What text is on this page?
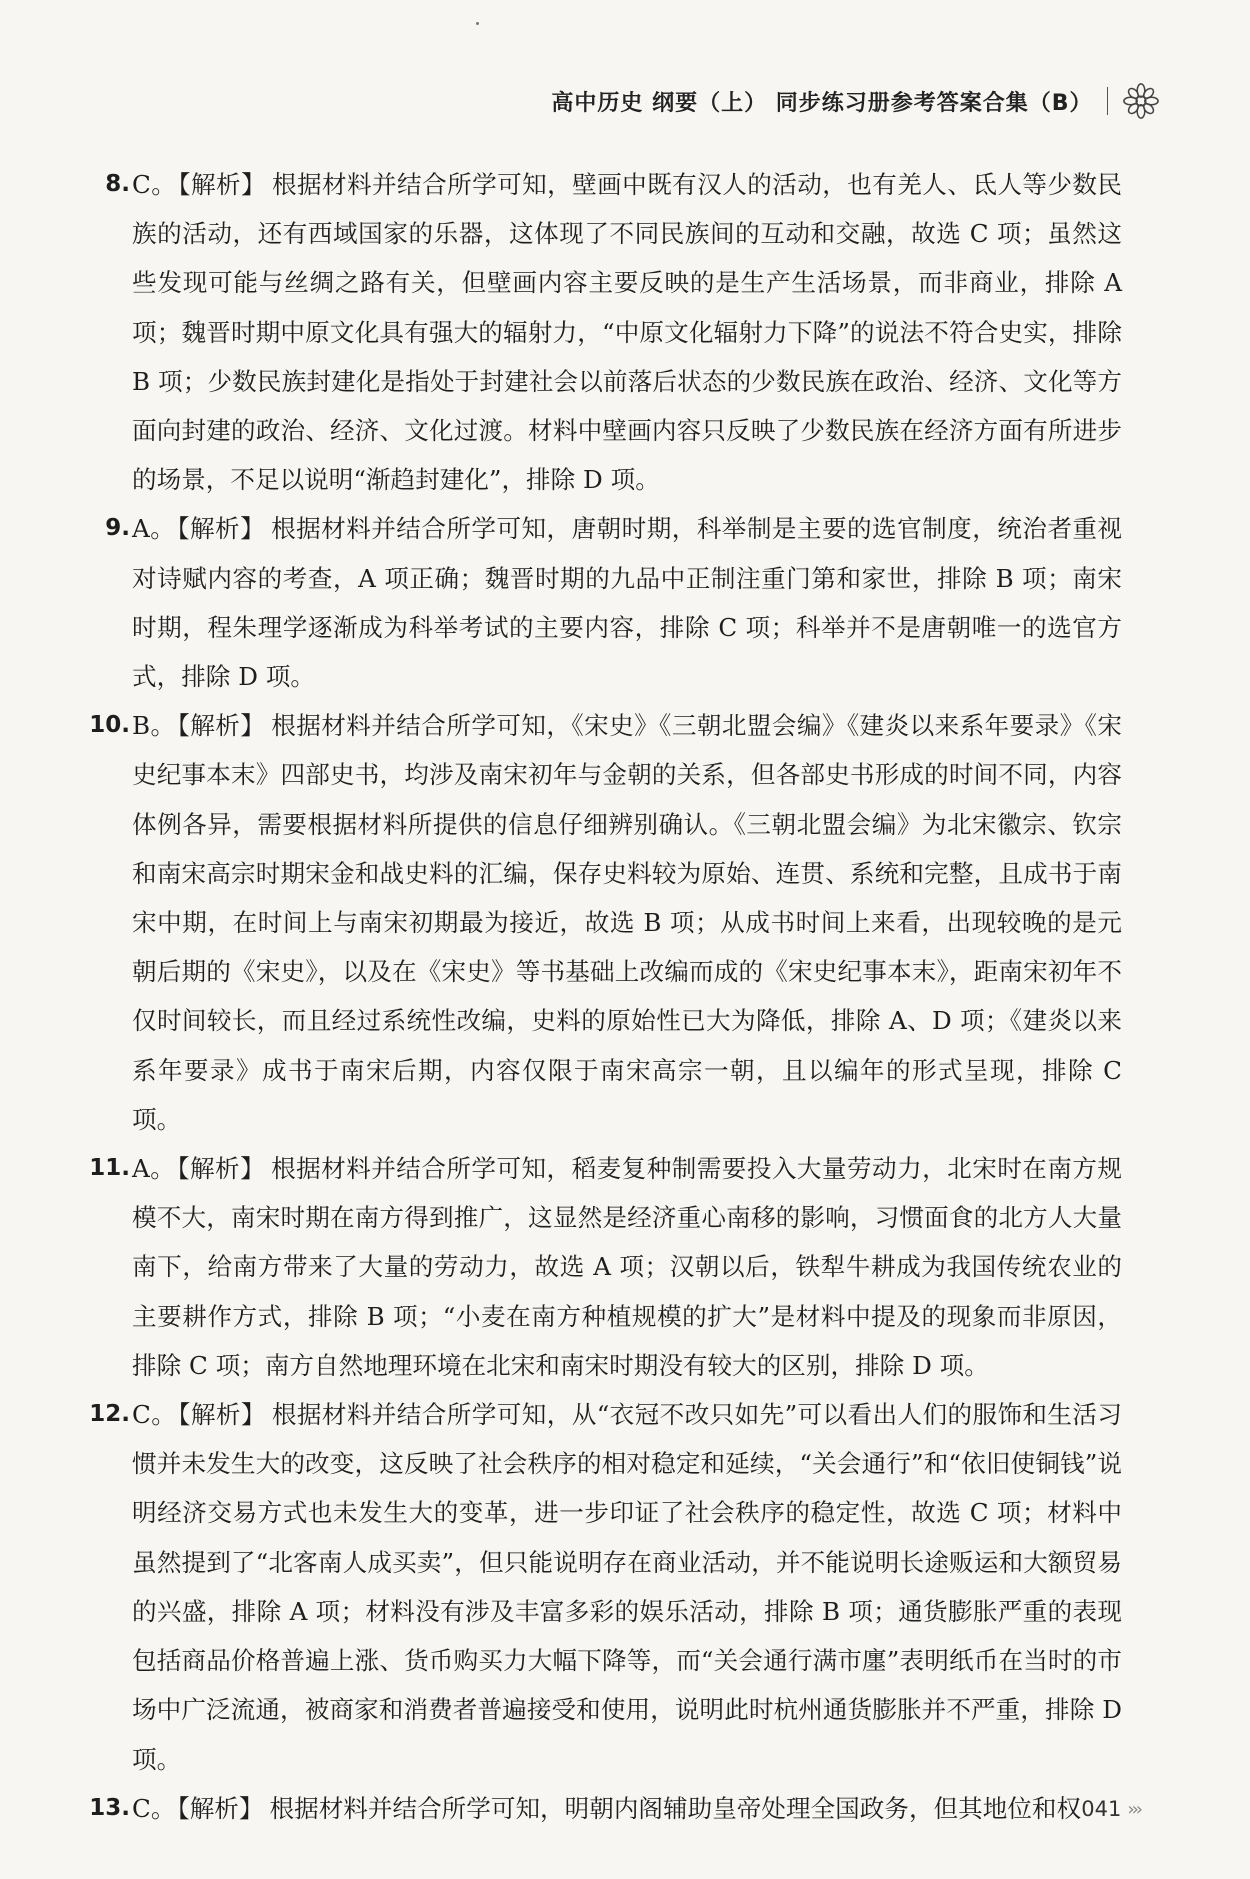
高中历史 纲要（上） 同步练习册参考答案合集（B）
8. C。【解析】 根据材料并结合所学可知，壁画中既有汉人的活动，也有羌人、氐人等少数民族的活动，还有西域国家的乐器，这体现了不同民族间的互动和交融，故选 C 项；虽然这些发现可能与丝绸之路有关，但壁画内容主要反映的是生产生活场景，而非商业，排除 A 项；魏晋时期中原文化具有强大的辐射力，“中原文化辐射力下降”的说法不符合史实，排除 B 项；少数民族封建化是指处于封建社会以前落后状态的少数民族在政治、经济、文化等方面向封建的政治、经济、文化过渡。材料中壁画内容只反映了少数民族在经济方面有所进步的场景，不足以说明“渐趋封建化”，排除 D 项。
9. A。【解析】 根据材料并结合所学可知，唐朝时期，科举制是主要的选官制度，统治者重视对诗赋内容的考查，A 项正确；魏晋时期的九品中正制注重门第和家世，排除 B 项；南宋时期，程朱理学逐渐成为科举考试的主要内容，排除 C 项；科举并不是唐朝唯一的选官方式，排除 D 项。
10. B。【解析】 根据材料并结合所学可知，《宋史》《三朝北盟会编》《建炎以来系年要录》《宋史纪事本末》四部史书，均涉及南宋初年与金朝的关系，但各部史书形成的时间不同，内容体例各异，需要根据材料所提供的信息仔细辨别确认。《三朝北盟会编》为北宋徽宗、钦宗和南宋高宗时期宋金和战史料的汇编，保存史料较为原始、连贯、系统和完整，且成书于南宋中期，在时间上与南宋初期最为接近，故选 B 项；从成书时间上来看，出现较晚的是元朝后期的《宋史》，以及在《宋史》等书基础上改编而成的《宋史纪事本末》，距南宋初年不仅时间较长，而且经过系统性改编，史料的原始性已大为降低，排除 A、D 项；《建炎以来系年要录》成书于南宋后期，内容仅限于南宋高宗一朝，且以编年的形式呈现，排除 C 项。
11. A。【解析】 根据材料并结合所学可知，稻麦复种制需要投入大量劳动力，北宋时在南方规模不大，南宋时期在南方得到推广，这显然是经济重心南移的影响，习惯面食的北方人大量南下，给南方带来了大量的劳动力，故选 A 项；汉朝以后，铁犁牛耕成为我国传统农业的主要耕作方式，排除 B 项；“小麦在南方种植规模的扩大”是材料中提及的现象而非原因，排除 C 项；南方自然地理环境在北宋和南宋时期没有较大的区别，排除 D 项。
12. C。【解析】 根据材料并结合所学可知，从“衣冠不改只如先”可以看出人们的服饰和生活习惯并未发生大的改变，这反映了社会秩序的相对稳定和延续，“关会通行”和“依旧使铜钱”说明经济交易方式也未发生大的变革，进一步印证了社会秩序的稳定性，故选 C 项；材料中虽然提到了“北客南人成买卖”，但只能说明存在商业活动，并不能说明长途贩运和大额贸易的兴盛，排除 A 项；材料没有涉及丰富多彩的娱乐活动，排除 B 项；通货膨胀严重的表现包括商品价格普遍上涨、货币购买力大幅下降等，而“关会通行满市廛”表明纸币在当时的市场中广泛流通，被商家和消费者普遍接受和使用，说明此时杭州通货膨胀并不严重，排除 D 项。
13. C。【解析】 根据材料并结合所学可知，明朝内阁辅助皇帝处理全国政务，但其地位和权 041 ›››
